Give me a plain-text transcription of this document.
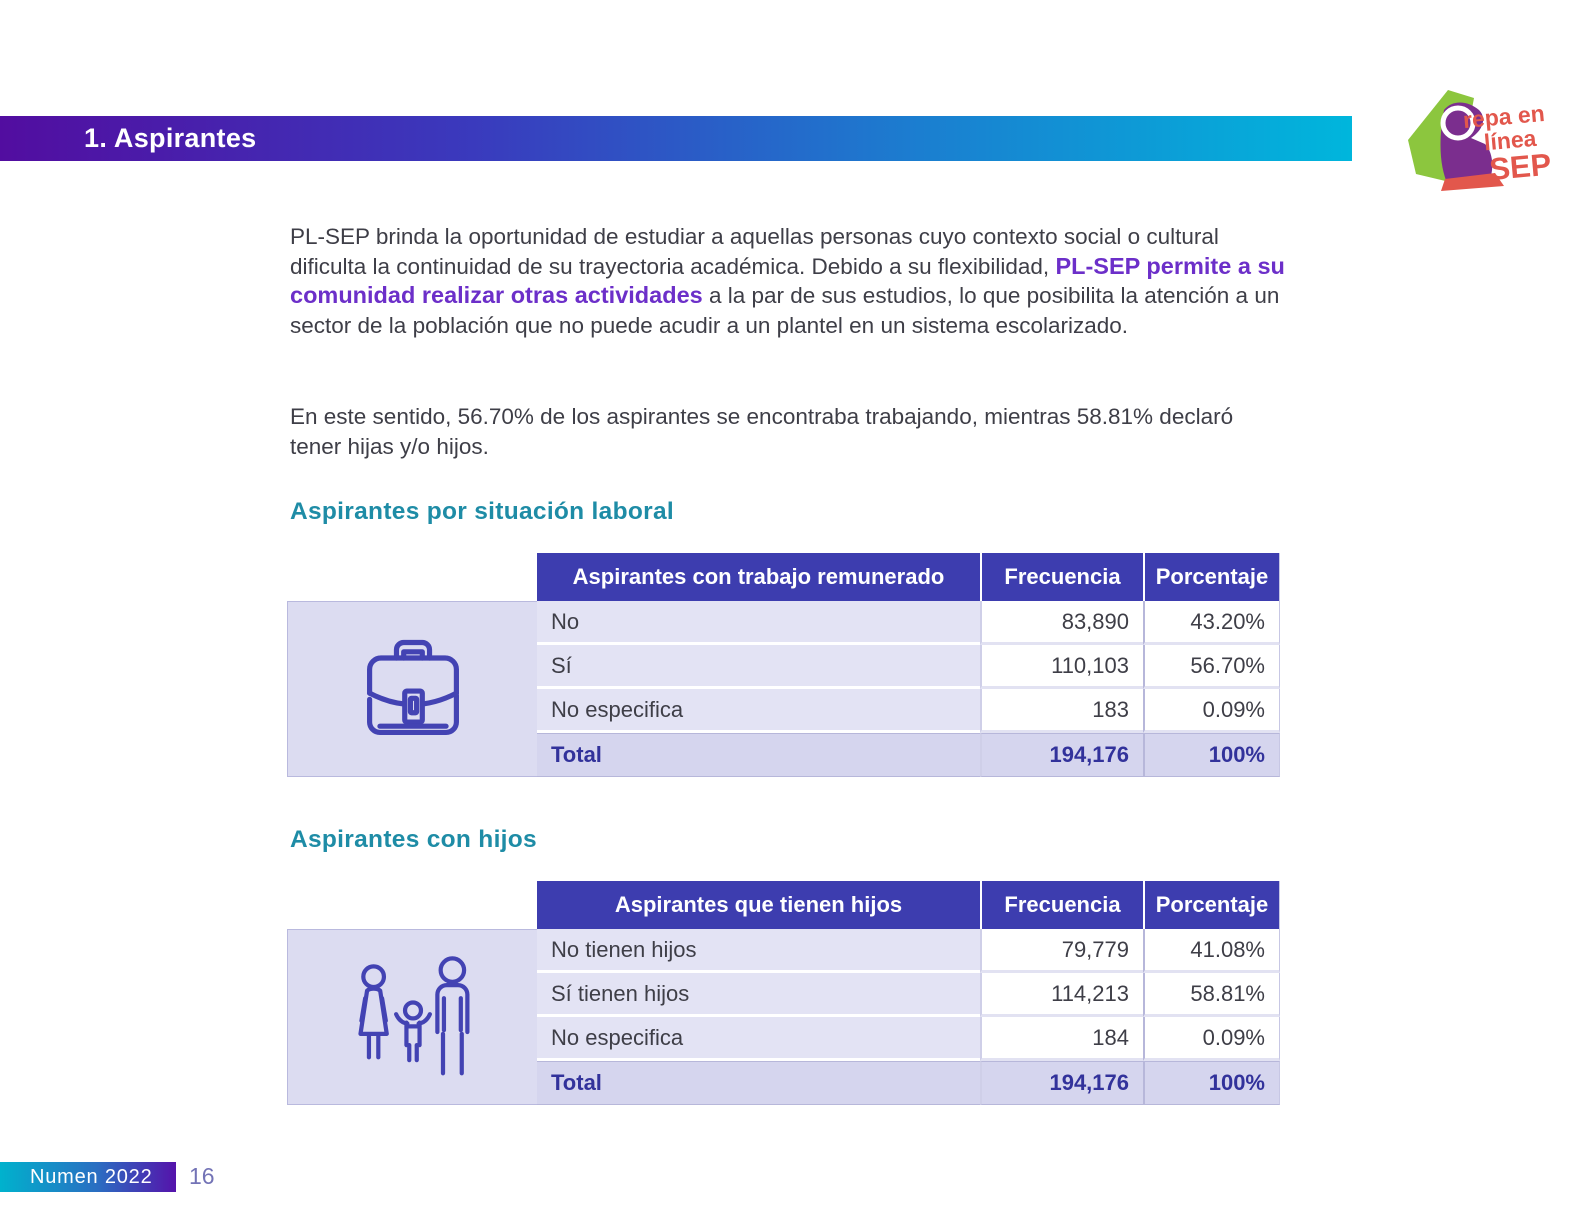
1. Aspirantes
repa en
línea
SEP

PL-SEP brinda la oportunidad de estudiar a aquellas personas cuyo contexto social o cultural dificulta la continuidad de su trayectoria académica. Debido a su flexibilidad, PL-SEP permite a su comunidad realizar otras actividades a la par de sus estudios, lo que posibilita la atención a un sector de la población que no puede acudir a un plantel en un sistema escolarizado.

En este sentido, 56.70% de los aspirantes se encontraba trabajando, mientras 58.81% declaró tener hijas y/o hijos.

Aspirantes por situación laboral
Aspirantes con trabajo remunerado	Frecuencia	Porcentaje
No	83,890	43.20%
Sí	110,103	56.70%
No especifica	183	0.09%
Total	194,176	100%
Aspirantes con hijos
Aspirantes que tienen hijos	Frecuencia	Porcentaje
No tienen hijos	79,779	41.08%
Sí tienen hijos	114,213	58.81%
No especifica	184	0.09%
Total	194,176	100%
Numen 2022 16
